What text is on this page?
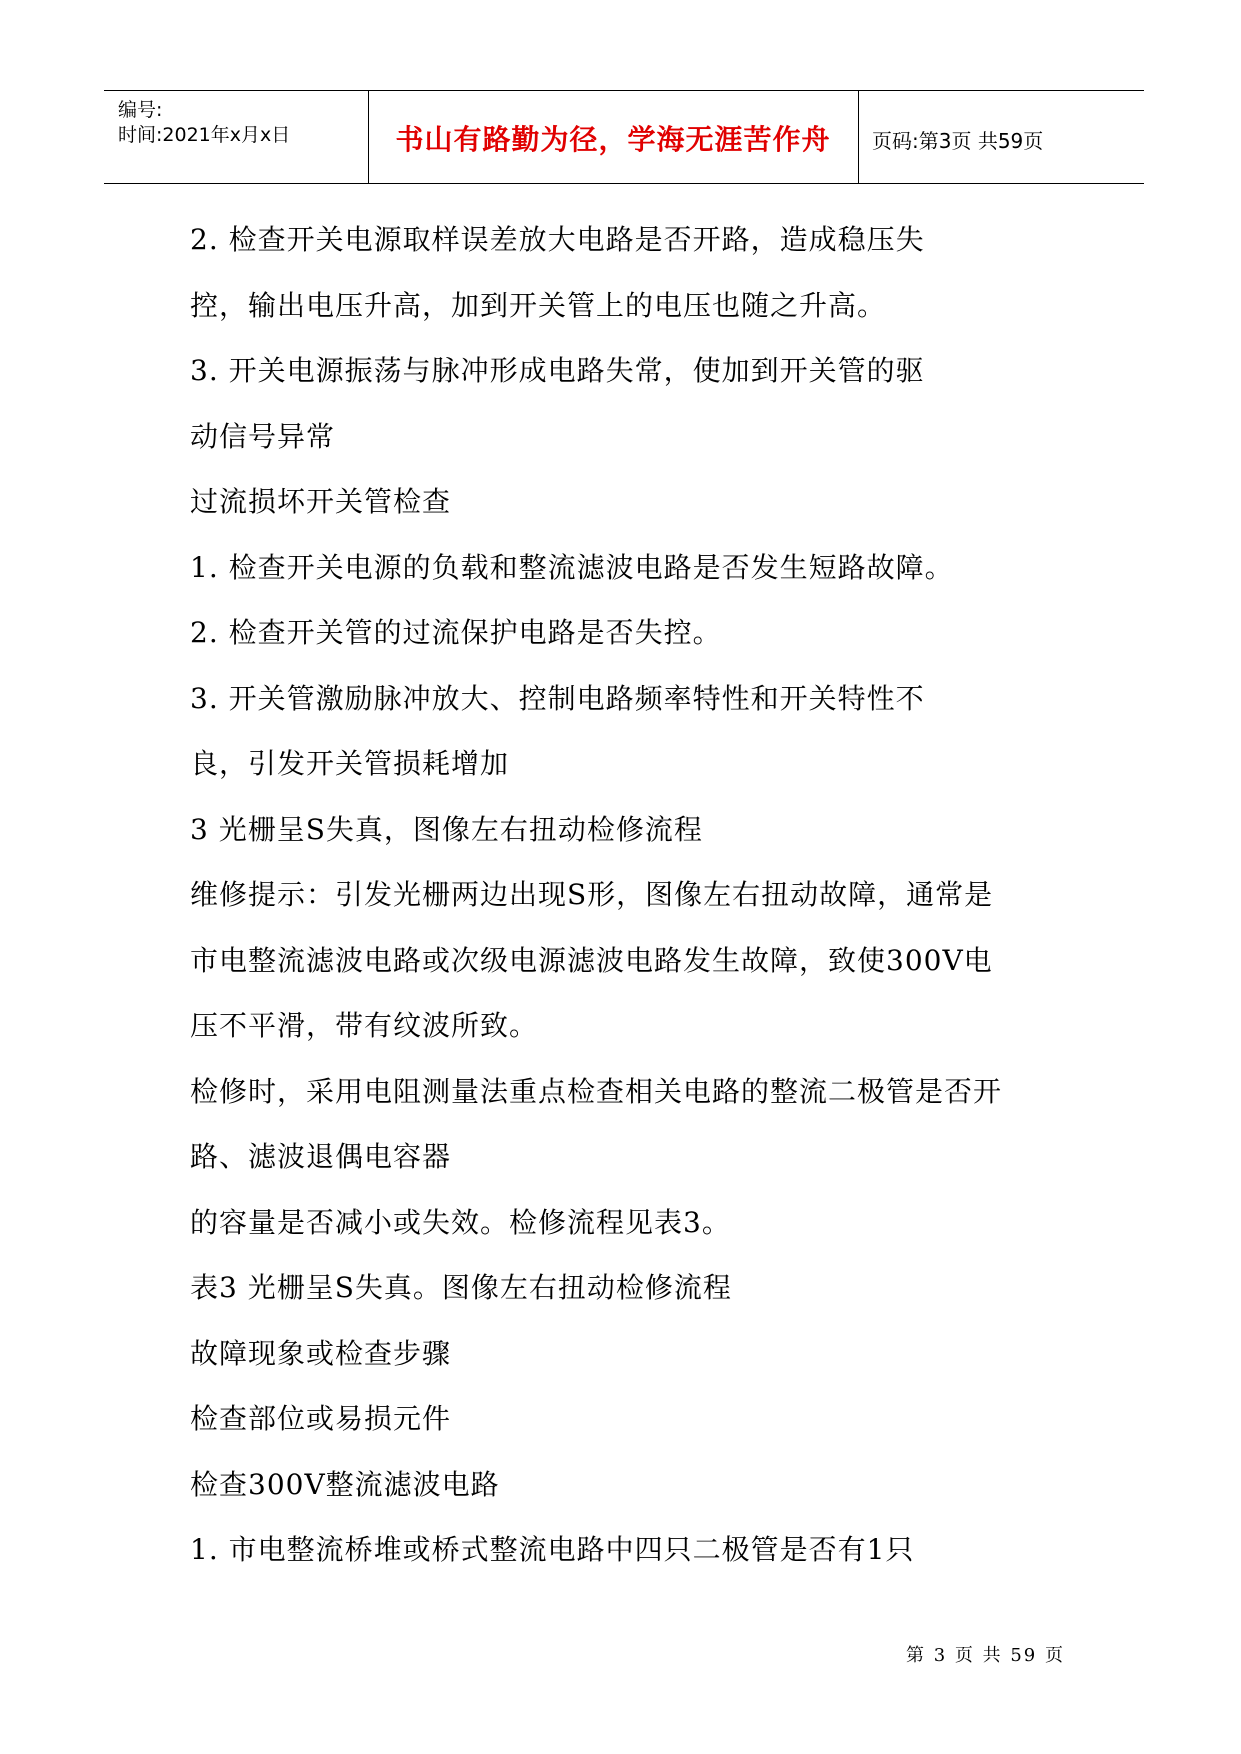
编号:
时间:2021年x月x日	书山有路勤为径，学海无涯苦作舟	页码:第3页 共59页
2. 检查开关电源取样误差放大电路是否开路，造成稳压失
控，输出电压升高，加到开关管上的电压也随之升高。
3. 开关电源振荡与脉冲形成电路失常，使加到开关管的驱
动信号异常
过流损坏开关管检查
1. 检查开关电源的负载和整流滤波电路是否发生短路故障。
2. 检查开关管的过流保护电路是否失控。
3. 开关管激励脉冲放大、控制电路频率特性和开关特性不
良，引发开关管损耗增加
3 光栅呈S失真，图像左右扭动检修流程
维修提示：引发光栅两边出现S形，图像左右扭动故障，通常是
市电整流滤波电路或次级电源滤波电路发生故障，致使300V电
压不平滑，带有纹波所致。
检修时，采用电阻测量法重点检查相关电路的整流二极管是否开
路、滤波退偶电容器
的容量是否减小或失效。检修流程见表3。
表3 光栅呈S失真。图像左右扭动检修流程
故障现象或检查步骤
检查部位或易损元件
检查300V整流滤波电路
1. 市电整流桥堆或桥式整流电路中四只二极管是否有1只
第 3 页 共 59 页
